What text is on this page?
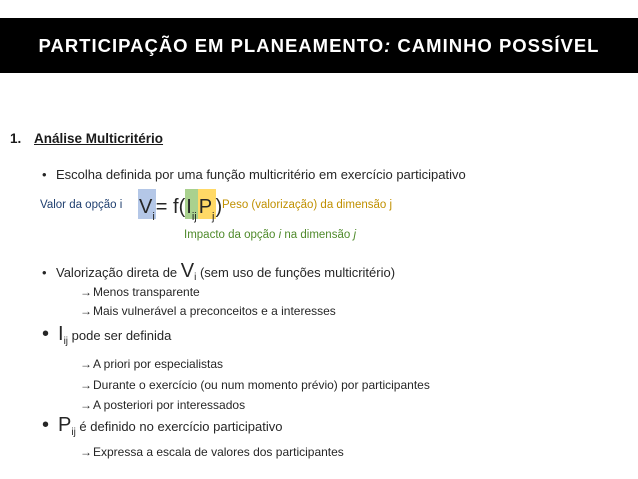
PARTICIPAÇÃO EM PLANEAMENTO: CAMINHO POSSÍVEL
1. Análise Multicritério
• Escolha definida por uma função multicritério em exercício participativo
Valor da opção i V i = f( I ij P j ) Peso (valorização) da dimensão j
Impacto da opção i na dimensão j
• Valorização direta de $V_i$ (sem uso de funções multicritério)
→Menos transparente
→Mais vulnerável a preconceitos e a interesses
• $I_{ij}$ pode ser definida
→A priori por especialistas
→Durante o exercício (ou num momento prévio) por participantes
→A posteriori por interessados
• $P_{ij}$ é definido no exercício participativo
→Expressa a escala de valores dos participantes
